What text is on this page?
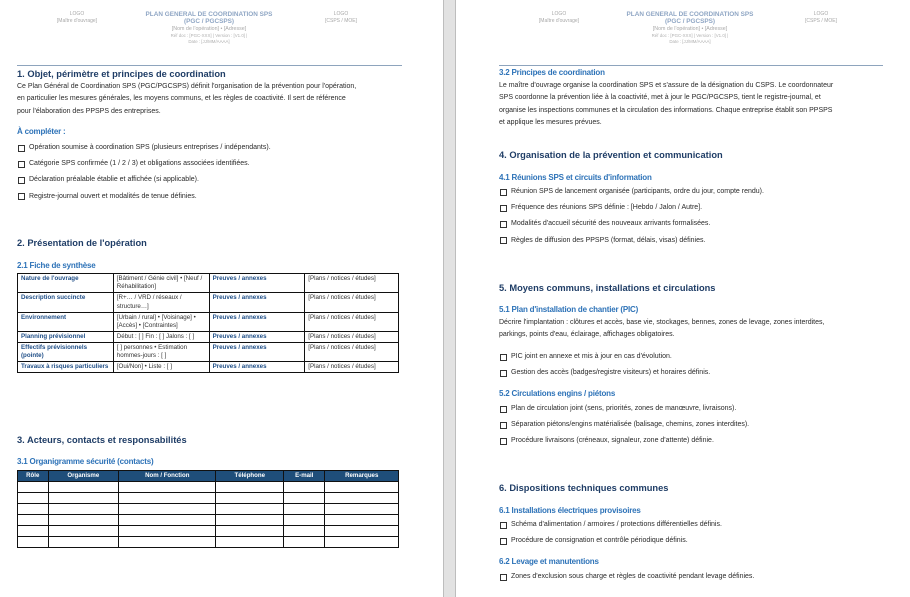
LOGO
[Maître d'ouvrage]
PLAN GENERAL DE COORDINATION SPS
(PGC / PGCSPS)
[Nom de l'opération] • [Adresse]
Réf doc : [PGC-XXX] | Version : [V1.0] |
Date : [JJ/MM/AAAA]
LOGO
[CSPS / MOE]
1. Objet, périmètre et principes de coordination

Ce Plan Général de Coordination SPS (PGC/PGCSPS) définit l'organisation de la prévention pour l'opération,

en particulier les mesures générales, les moyens communs, et les règles de coactivité. Il sert de référence

pour l'élaboration des PPSPS des entreprises.

À compléter :
Opération soumise à coordination SPS (plusieurs entreprises / indépendants).
Catégorie SPS confirmée (1 / 2 / 3) et obligations associées identifiées.
Déclaration préalable établie et affichée (si applicable).
Registre-journal ouvert et modalités de tenue définies.
2. Présentation de l'opération
2.1 Fiche de synthèse
Nature de l'ouvrage	[Bâtiment / Génie civil] • [Neuf / Réhabilitation]	Preuves / annexes	[Plans / notices / études]
Description succincte	[R+… / VRD / réseaux / structure…]	Preuves / annexes	[Plans / notices / études]
Environnement	[Urbain / rural] • [Voisinage] • [Accès] • [Contraintes]	Preuves / annexes	[Plans / notices / études]
Planning prévisionnel	Début : [ ] Fin : [ ] Jalons : [ ]	Preuves / annexes	[Plans / notices / études]
Effectifs prévisionnels (pointe)	[ ] personnes • Estimation hommes-jours : [ ]	Preuves / annexes	[Plans / notices / études]
Travaux à risques particuliers	[Oui/Non] • Liste : [ ]	Preuves / annexes	[Plans / notices / études]
3. Acteurs, contacts et responsabilités
3.1 Organigramme sécurité (contacts)
Rôle	Organisme	Nom / Fonction	Téléphone	E-mail	Remarques

LOGO
[Maître d'ouvrage]
PLAN GENERAL DE COORDINATION SPS
(PGC / PGCSPS)
[Nom de l'opération] • [Adresse]
Réf doc : [PGC-XXX] | Version : [V1.0] |
Date : [JJ/MM/AAAA]
LOGO
[CSPS / MOE]
3.2 Principes de coordination

Le maître d'ouvrage organise la coordination SPS et s'assure de la désignation du CSPS. Le coordonnateur

SPS coordonne la prévention liée à la coactivité, met à jour le PGC/PGCSPS, tient le registre-journal, et

organise les inspections communes et la circulation des informations. Chaque entreprise établit son PPSPS

et applique les mesures prévues.

4. Organisation de la prévention et communication
4.1 Réunions SPS et circuits d'information
Réunion SPS de lancement organisée (participants, ordre du jour, compte rendu).
Fréquence des réunions SPS définie : [Hebdo / Jalon / Autre].
Modalités d'accueil sécurité des nouveaux arrivants formalisées.
Règles de diffusion des PPSPS (format, délais, visas) définies.
5. Moyens communs, installations et circulations
5.1 Plan d'installation de chantier (PIC)

Décrire l'implantation : clôtures et accès, base vie, stockages, bennes, zones de levage, zones interdites,

parkings, points d'eau, éclairage, affichages obligatoires.

PIC joint en annexe et mis à jour en cas d'évolution.
Gestion des accès (badges/registre visiteurs) et horaires définis.
5.2 Circulations engins / piétons
Plan de circulation joint (sens, priorités, zones de manœuvre, livraisons).
Séparation piétons/engins matérialisée (balisage, chemins, zones interdites).
Procédure livraisons (créneaux, signaleur, zone d'attente) définie.
6. Dispositions techniques communes
6.1 Installations électriques provisoires
Schéma d'alimentation / armoires / protections différentielles définis.
Procédure de consignation et contrôle périodique définis.
6.2 Levage et manutentions
Zones d'exclusion sous charge et règles de coactivité pendant levage définies.
